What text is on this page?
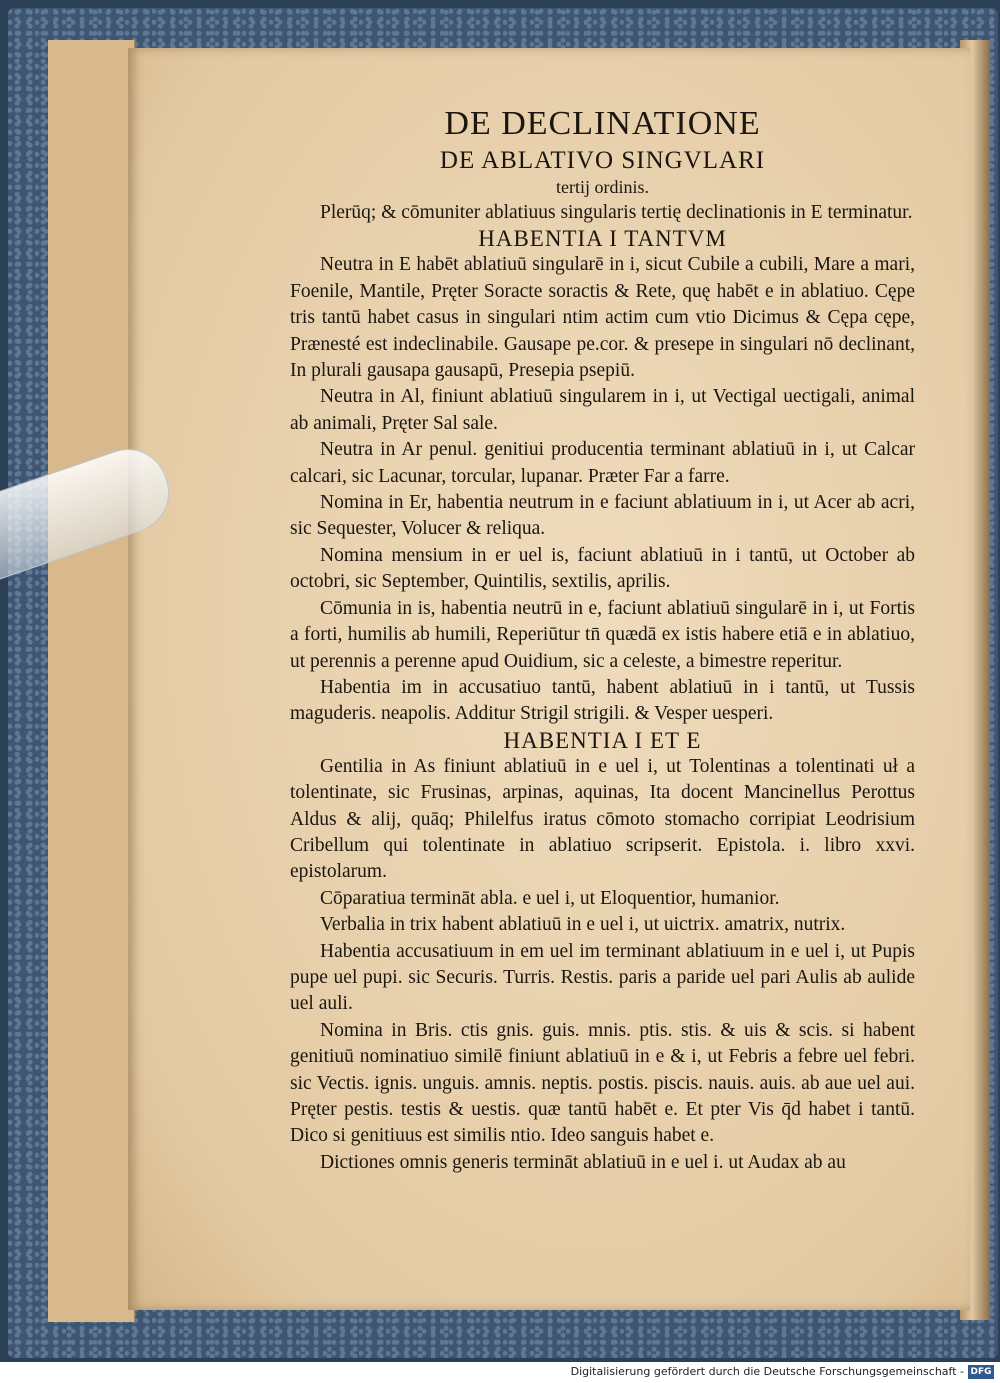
DE DECLINATIONE
DE ABLATIVO SINGVLARI
tertij ordinis.

Plerūq; & cōmuniter ablatiuus singularis tertię declinationis in E terminatur.

HABENTIA I TANTVM

Neutra in E habēt ablatiuū singularē in i, sicut Cubile a cubili, Mare a mari, Foenile, Mantile, Pręter Soracte soractis & Rete, quę habēt e in ablatiuo. Cępe tris tantū habet casus in singulari ntim actim cum vtio Dicimus & Cępa cępe, Prænesté est indeclinabile. Gausape pe.cor. & presepe in singulari nō declinant, In plurali gausapa gausapū, Presepia psepiū.

Neutra in Al, finiunt ablatiuū singularem in i, ut Vectigal uectigali, animal ab animali, Pręter Sal sale.

Neutra in Ar penul. genitiui producentia terminant ablatiuū in i, ut Calcar calcari, sic Lacunar, torcular, lupanar. Præter Far a farre.

Nomina in Er, habentia neutrum in e faciunt ablatiuum in i, ut Acer ab acri, sic Sequester, Volucer & reliqua.

Nomina mensium in er uel is, faciunt ablatiuū in i tantū, ut October ab octobri, sic September, Quintilis, sextilis, aprilis.

Cōmunia in is, habentia neutrū in e, faciunt ablatiuū singularē in i, ut Fortis a forti, humilis ab humili, Reperiūtur tn̄ quædā ex istis habere etiā e in ablatiuo, ut perennis a perenne apud Ouidium, sic a celeste, a bimestre reperitur.

Habentia im in accusatiuo tantū, habent ablatiuū in i tantū, ut Tussis maguderis. neapolis. Additur Strigil strigili. & Vesper uesperi.

HABENTIA I ET E

Gentilia in As finiunt ablatiuū in e uel i, ut Tolentinas a tolentinati uł a tolentinate, sic Frusinas, arpinas, aquinas, Ita docent Mancinellus Perottus Aldus & alij, quāq; Philelfus iratus cōmoto stomacho corripiat Leodrisium Cribellum qui tolentinate in ablatiuo scripserit. Epistola. i. libro xxvi. epistolarum.

Cōparatiua termināt abla. e uel i, ut Eloquentior, humanior.

Verbalia in trix habent ablatiuū in e uel i, ut uictrix. amatrix, nutrix.

Habentia accusatiuum in em uel im terminant ablatiuum in e uel i, ut Pupis pupe uel pupi. sic Securis. Turris. Restis. paris a paride uel pari Aulis ab aulide uel auli.

Nomina in Bris. ctis gnis. guis. mnis. ptis. stis. & uis & scis. si habent genitiuū nominatiuo similē finiunt ablatiuū in e & i, ut Febris a febre uel febri. sic Vectis. ignis. unguis. amnis. neptis. postis. piscis. nauis. auis. ab aue uel aui. Pręter pestis. testis & uestis. quæ tantū habēt e. Et pter Vis q̄d habet i tantū. Dico si genitiuus est similis ntio. Ideo sanguis habet e.

Dictiones omnis generis termināt ablatiuū in e uel i. ut Audax ab au

Digitalisierung gefördert durch die Deutsche Forschungsgemeinschaft - DFG
